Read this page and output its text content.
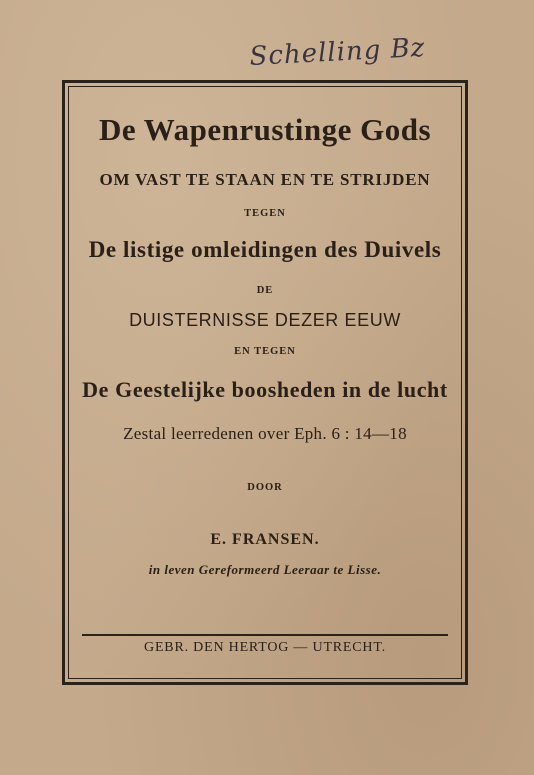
Schelling Bz
De Wapenrustinge Gods
OM VAST TE STAAN EN TE STRIJDEN
TEGEN
De listige omleidingen des Duivels
DE
DUISTERNISSE DEZER EEUW
EN TEGEN
De Geestelijke boosheden in de lucht
Zestal leerredenen over Eph. 6 : 14—18
DOOR
E. FRANSEN.
in leven Gereformeerd Leeraar te Lisse.
GEBR. DEN HERTOG — UTRECHT.
